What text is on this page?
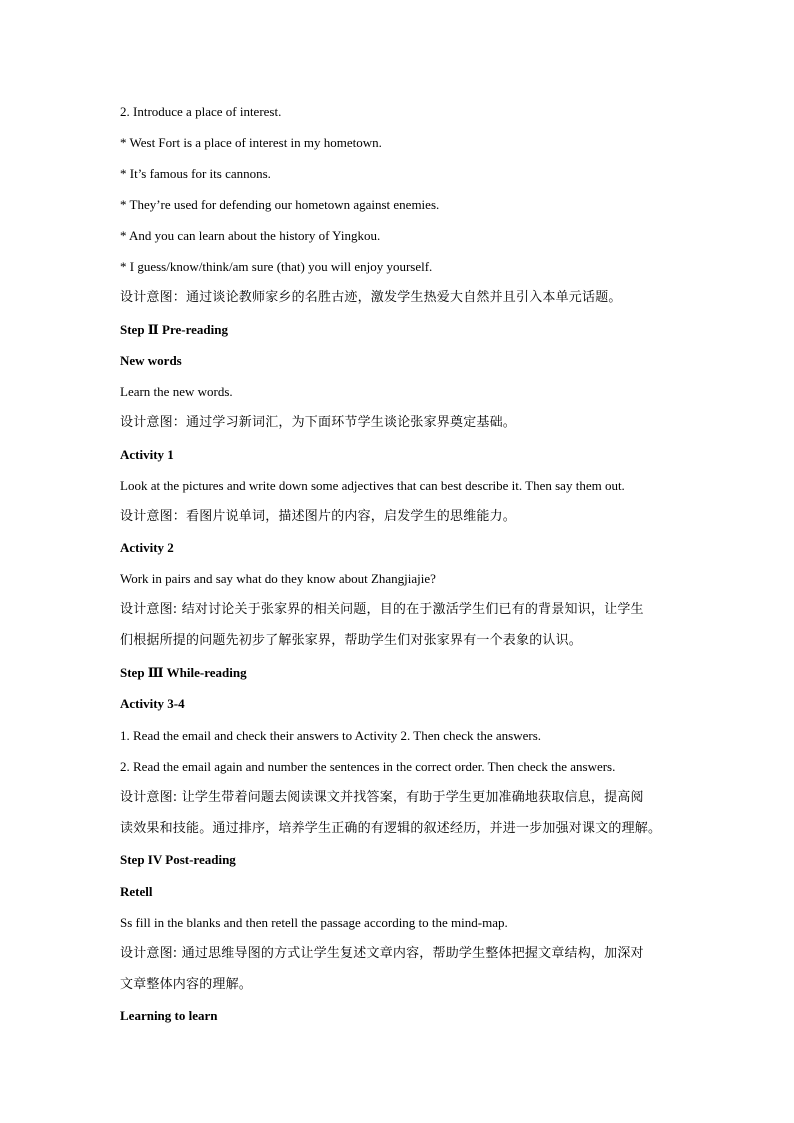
2. Introduce a place of interest.
* West Fort is a place of interest in my hometown.
* It’s famous for its cannons.
* They’re used for defending our hometown against enemies.
* And you can learn about the history of Yingkou.
* I guess/know/think/am sure (that) you will enjoy yourself.
设计意图：通过谈论教师家乡的名胜古迹，激发学生热爱大自然并且引入本单元话题。
Step Ⅱ Pre-reading
New words
Learn the new words.
设计意图：通过学习新词汇，为下面环节学生谈论张家界奠定基础。
Activity 1
Look at the pictures and write down some adjectives that can best describe it. Then say them out.
设计意图：看图片说单词，描述图片的内容，启发学生的思维能力。
Activity 2
Work in pairs and say what do they know about Zhangjiajie?
设计意图: 结对讨论关于张家界的相关问题，目的在于激活学生们已有的背景知识，让学生
们根据所提的问题先初步了解张家界，帮助学生们对张家界有一个表象的认识。
Step Ⅲ While-reading
Activity 3-4
1. Read the email and check their answers to Activity 2. Then check the answers.
2. Read the email again and number the sentences in the correct order. Then check the answers.
设计意图: 让学生带着问题去阅读课文并找答案，有助于学生更加准确地获取信息，提高阅
读效果和技能。通过排序，培养学生正确的有逻辑的叙述经历，并进一步加强对课文的理解。
Step IV Post-reading
Retell
Ss fill in the blanks and then retell the passage according to the mind-map.
设计意图: 通过思维导图的方式让学生复述文章内容，帮助学生整体把握文章结构，加深对
文章整体内容的理解。
Learning to learn
